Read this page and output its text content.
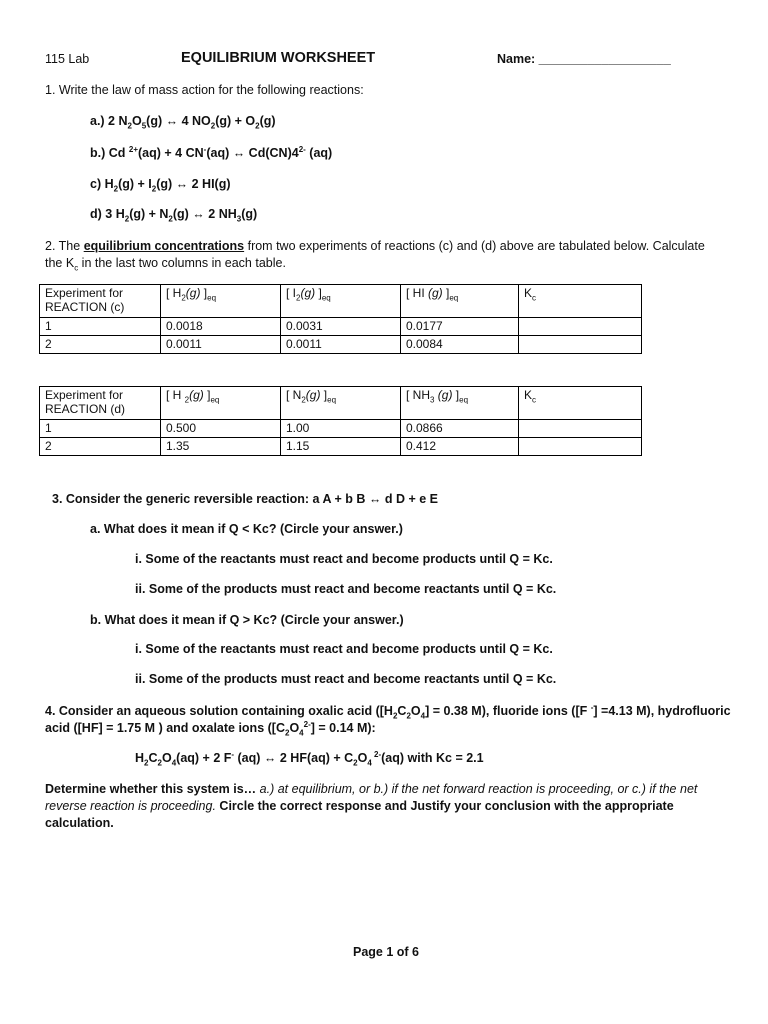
115 Lab	EQUILIBRIUM WORKSHEET	Name: ___________________
1. Write the law of mass action for the following reactions:
a.) 2 $N_2O_5(g)$ ↔ 4 $NO_2(g) + O_2(g)$
b.) Cd $^{2+}$(aq) + 4 CN-(aq) ↔ $Cd(CN)4^{2-}$ (aq)
c) $H_2(g) + I_2(g)$ ↔ 2 HI(g)
d) 3 $H_2(g) + N_2(g)$ ↔ 2 $NH_3(g)$
2. The equilibrium concentrations from two experiments of reactions (c) and (d) above are tabulated below. Calculate the $K_c$ in the last two columns in each table.
Experiment for
REACTION (c)	[ $H_2(g)$ ]$_{eq}$	[ $I_2(g)$ ]$_{eq}$	[ HI (g) ]$_{eq}$	$K_c$
1	0.0018	0.0031	0.0177	
2	0.0011	0.0011	0.0084	
Experiment for
REACTION (d)	[ H $_2$(g) ]$_{eq}$	[ $N_2(g)$ ]$_{eq}$	[ $NH_3$ (g) ]$_{eq}$	$K_c$
1	0.500	1.00	0.0866	
2	1.35	1.15	0.412	
3. Consider the generic reversible reaction: a A + b B ↔ d D + e E
a. What does it mean if Q < Kc? (Circle your answer.)
i. Some of the reactants must react and become products until Q = Kc.
ii. Some of the products must react and become reactants until Q = Kc.
b. What does it mean if Q > Kc? (Circle your answer.)
i. Some of the reactants must react and become products until Q = Kc.
ii. Some of the products must react and become reactants until Q = Kc.
4. Consider an aqueous solution containing oxalic acid ($[H_2C_2O_4] = 0.38$ M), fluoride ions ([F -] =4.13 M), hydrofluoric acid ([HF] = 1.75 M ) and oxalate ions ($[C_2O_4^{2-}] = 0.14$ M):
$H_2C_2O_4(aq) + 2$ F- (aq) ↔ 2 $HF(aq) + C_2O_4$ $^{2-}$(aq) with Kc = 2.1
Determine whether this system is… a.) at equilibrium, or b.) if the net forward reaction is proceeding, or c.) if the net reverse reaction is proceeding. Circle the correct response and Justify your conclusion with the appropriate calculation.
Page 1 of 6
